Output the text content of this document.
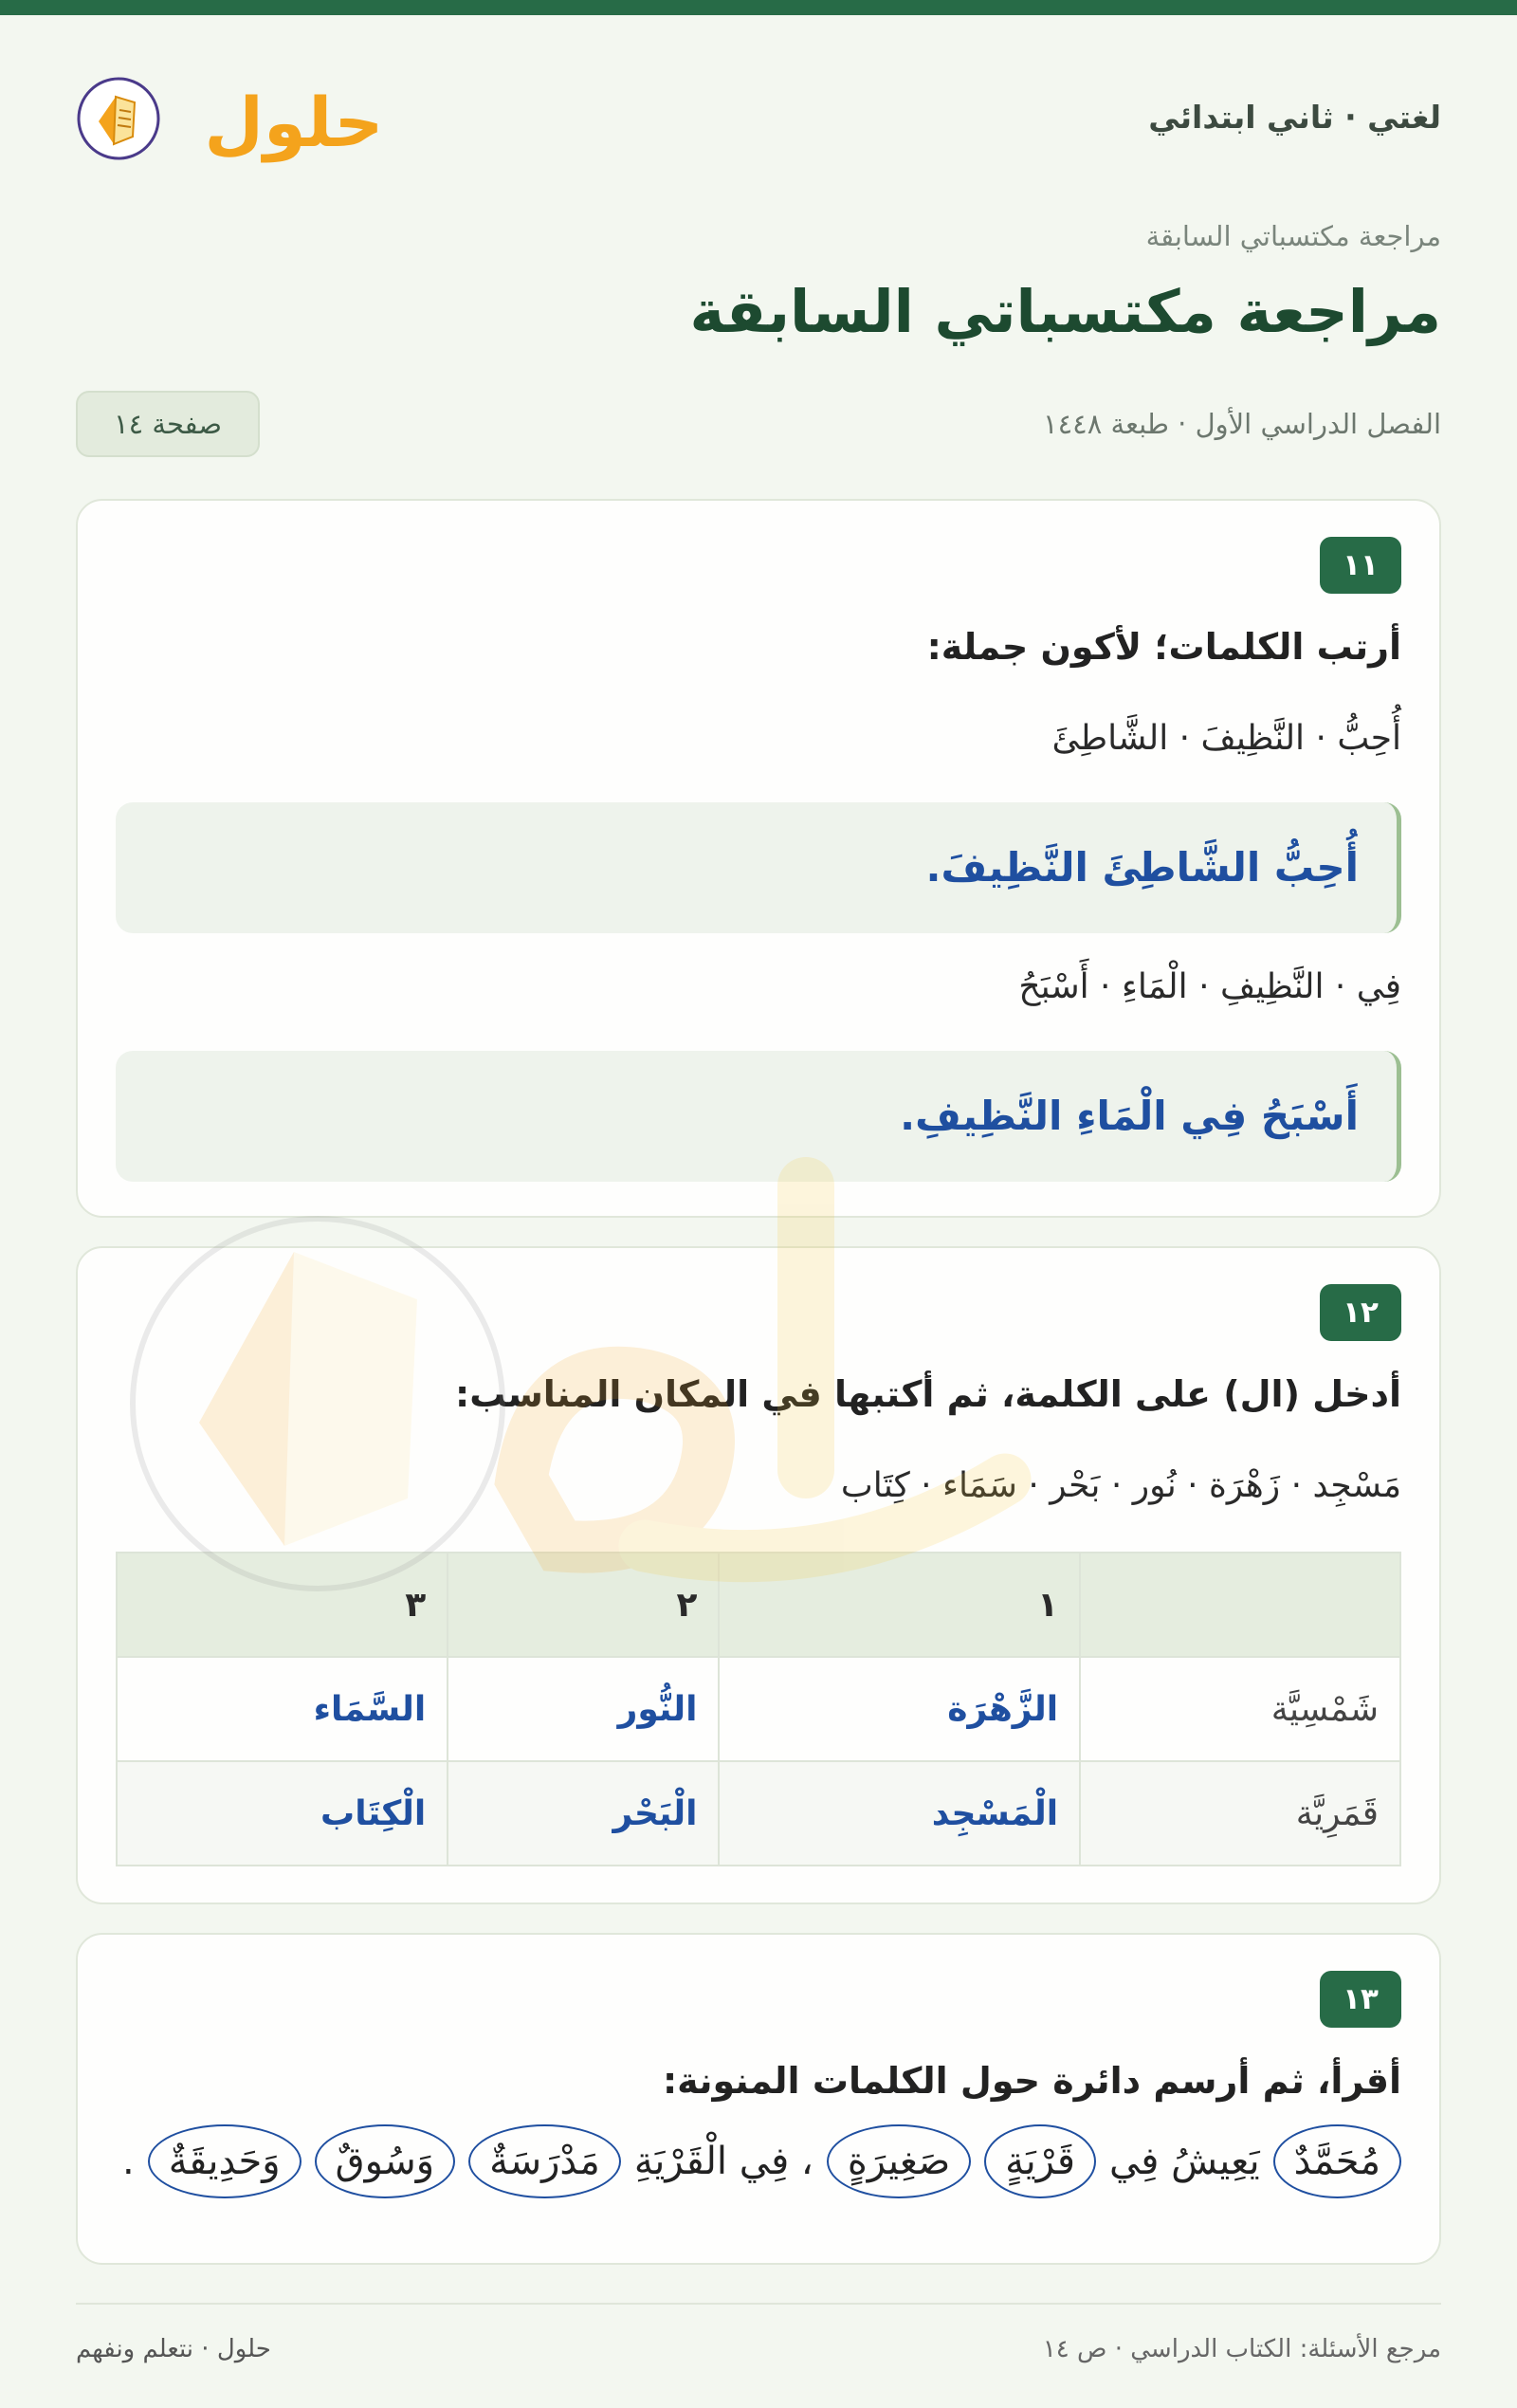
لغتي · ثاني ابتدائي
حلول
مراجعة مكتسباتي السابقة
مراجعة مكتسباتي السابقة
الفصل الدراسي الأول · طبعة ١٤٤٨
صفحة ١٤
١١
أرتب الكلمات؛ لأكون جملة:
أُحِبُّ · النَّظِيفَ · الشَّاطِئَ
أُحِبُّ الشَّاطِئَ النَّظِيفَ.
فِي · النَّظِيفِ · الْمَاءِ · أَسْبَحُ
أَسْبَحُ فِي الْمَاءِ النَّظِيفِ.
١٢
أدخل (ال) على الكلمة، ثم أكتبها في المكان المناسب:
مَسْجِد · زَهْرَة · نُور · بَحْر · سَمَاء · كِتَاب
	١	٢	٣
شَمْسِيَّة	الزَّهْرَة	النُّور	السَّمَاء
قَمَرِيَّة	الْمَسْجِد	الْبَحْر	الْكِتَاب
١٣
أقرأ، ثم أرسم دائرة حول الكلمات المنونة:
مُحَمَّدٌ
يَعِيشُ فِي
قَرْيَةٍ
صَغِيرَةٍ
، فِي الْقَرْيَةِ
مَدْرَسَةٌ
وَسُوقٌ
وَحَدِيقَةٌ
.
مرجع الأسئلة: الكتاب الدراسي · ص ١٤
حلول · نتعلم ونفهم
